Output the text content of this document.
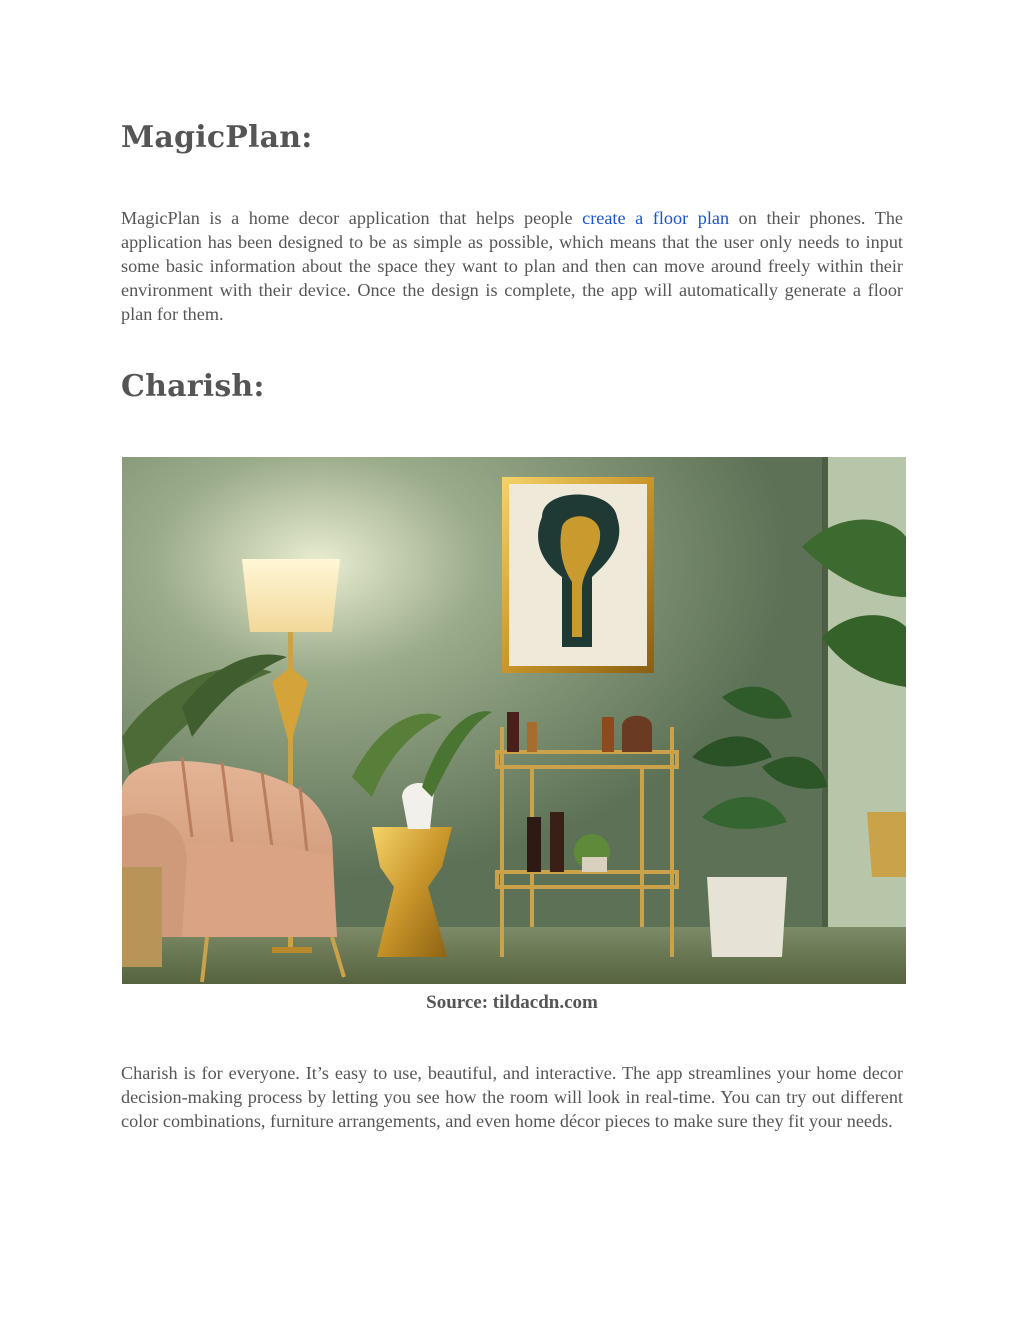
MagicPlan:

MagicPlan is a home decor application that helps people create a floor plan on their phones. The application has been designed to be as simple as possible, which means that the user only needs to input some basic information about the space they want to plan and then can move around freely within their environment with their device. Once the design is complete, the app will automatically generate a floor plan for them.

Charish:
Source: tildacdn.com

Charish is for everyone. It’s easy to use, beautiful, and interactive. The app streamlines your home decor decision-making process by letting you see how the room will look in real-time. You can try out different color combinations, furniture arrangements, and even home décor pieces to make sure they fit your needs.
